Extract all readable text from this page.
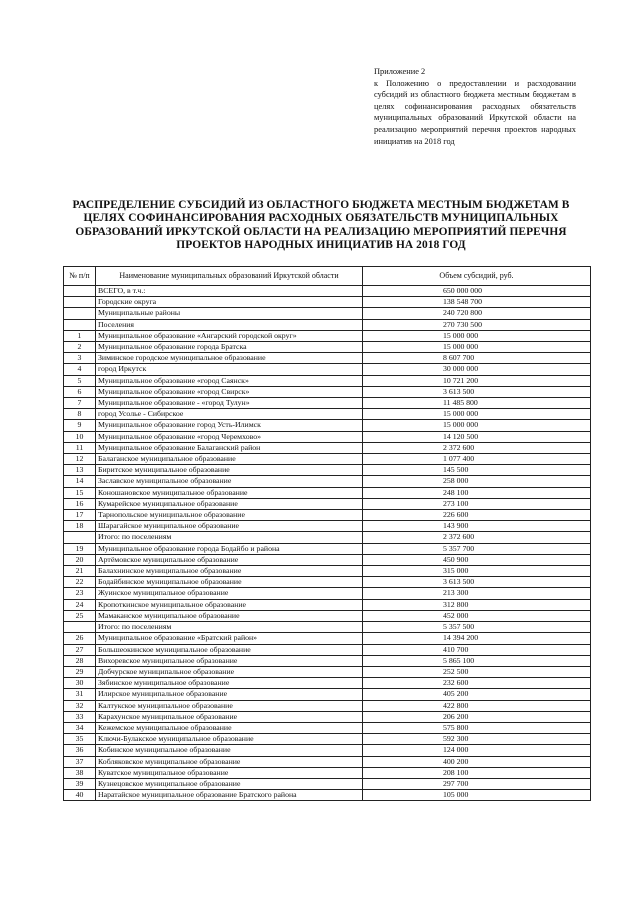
Приложение 2
к Положению о предоставлении и расходовании субсидий из областного бюджета местным бюджетам в целях софинансирования расходных обязательств муниципальных образований Иркутской области на реализацию мероприятий перечня проектов народных инициатив на 2018 год
РАСПРЕДЕЛЕНИЕ СУБСИДИЙ ИЗ ОБЛАСТНОГО БЮДЖЕТА МЕСТНЫМ БЮДЖЕТАМ В ЦЕЛЯХ СОФИНАНСИРОВАНИЯ РАСХОДНЫХ ОБЯЗАТЕЛЬСТВ МУНИЦИПАЛЬНЫХ ОБРАЗОВАНИЙ ИРКУТСКОЙ ОБЛАСТИ НА РЕАЛИЗАЦИЮ МЕРОПРИЯТИЙ ПЕРЕЧНЯ ПРОЕКТОВ НАРОДНЫХ ИНИЦИАТИВ НА 2018 ГОД
№ п/п	Наименование муниципальных образований Иркутской области	Объем субсидий, руб.
	ВСЕГО, в т.ч.:	650 000 000
	Городские округа	138 548 700
	Муниципальные районы	240 720 800
	Поселения	270 730 500
1	Муниципальное образование «Ангарский городской округ»	15 000 000
2	Муниципальное образование города Братска	15 000 000
3	Зиминское городское муниципальное образование	8 607 700
4	город Иркутск	30 000 000
5	Муниципальное образование «город Саянск»	10 721 200
6	Муниципальное образование «город Свирск»	3 613 500
7	Муниципальное образование - «город Тулун»	11 485 800
8	город Усолье - Сибирское	15 000 000
9	Муниципальное образование город Усть-Илимск	15 000 000
10	Муниципальное образование «город Черемхово»	14 120 500
11	Муниципальное образование Балаганский район	2 372 600
12	Балаганское муниципальное образование	1 077 400
13	Биритское муниципальное образование	145 500
14	Заславское муниципальное образование	258 000
15	Коношановское муниципальное образование	248 100
16	Кумарейское муниципальное образование	273 100
17	Тарнопольское муниципальное образование	226 600
18	Шарагайское муниципальное образование	143 900
	Итого: по поселениям	2 372 600
19	Муниципальное образование города Бодайбо и района	5 357 700
20	Артёмовское муниципальное образование	450 900
21	Балахнинское муниципальное образование	315 000
22	Бодайбинское муниципальное образование	3 613 500
23	Жуинское муниципальное образование	213 300
24	Кропоткинское муниципальное образование	312 800
25	Мамаканское муниципальное образование	452 000
	Итого: по поселениям	5 357 500
26	Муниципальное образование «Братский район»	14 394 200
27	Большеокинское муниципальное образование	410 700
28	Вихоревское муниципальное образование	5 865 100
29	Добчурское муниципальное образование	252 500
30	Зябинское муниципальное образование	232 600
31	Илирское муниципальное образование	405 200
32	Калтукское муниципальное образование	422 800
33	Карахунское муниципальное образование	206 200
34	Кежемское муниципальное образование	575 800
35	Ключи-Булакское муниципальное образование	592 300
36	Кобинское муниципальное образование	124 000
37	Кобляковское муниципальное образование	400 200
38	Куватское муниципальное образование	208 100
39	Кузнецовское муниципальное образование	297 700
40	Наратайское муниципальное образование Братского района	105 000
